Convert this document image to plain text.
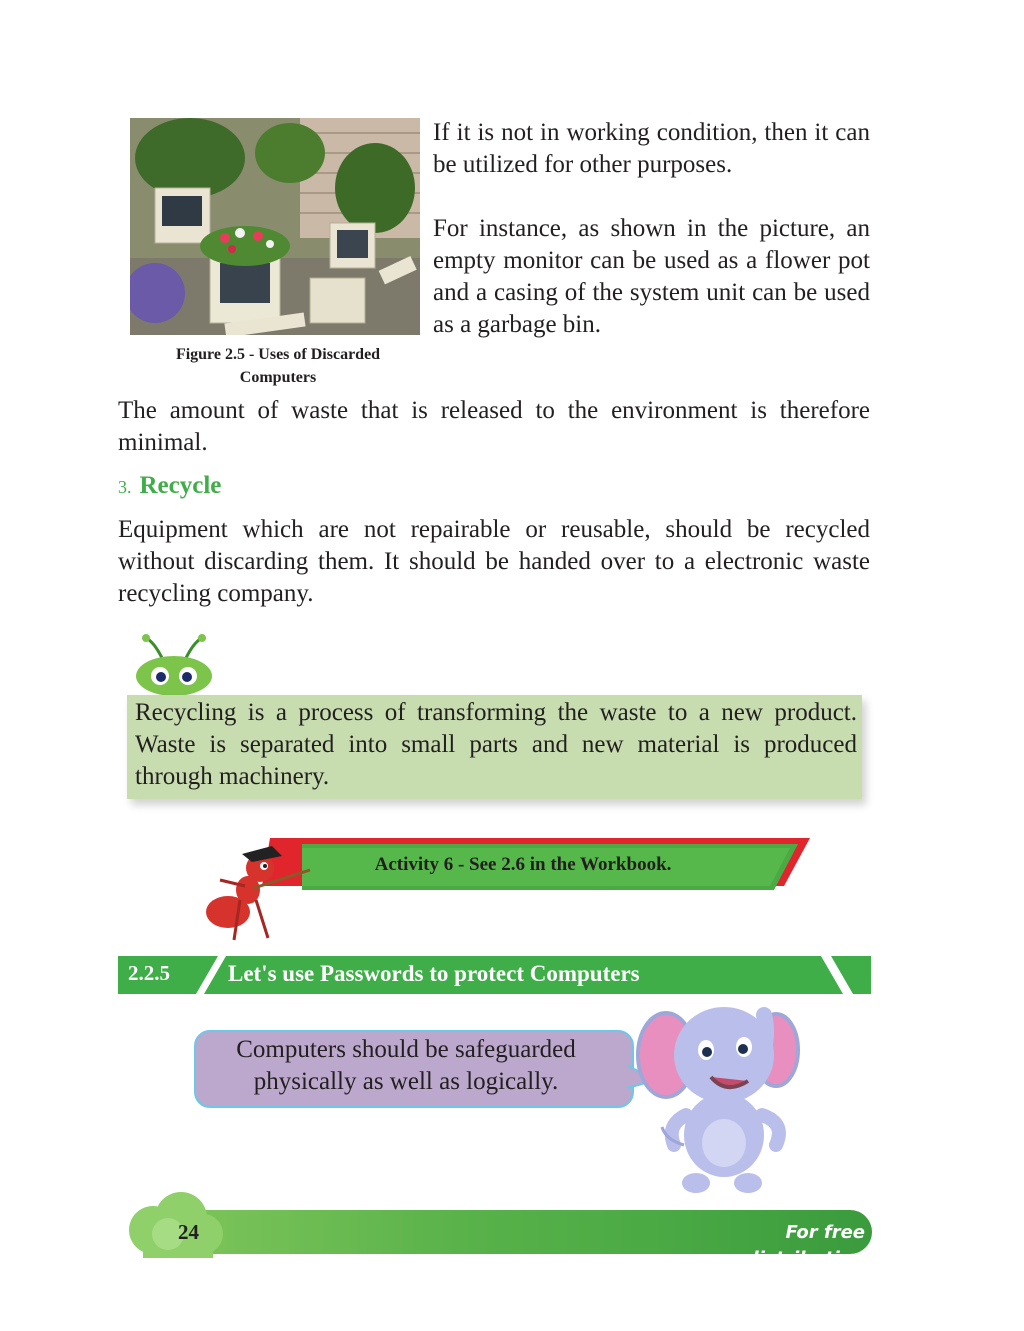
Figure 2.5 - Uses of Discarded
Computers
If it is not in working condition, then it can be utilized for other purposes.
For instance, as shown in the picture, an empty monitor can be used as a flower pot and a casing of the system unit can be used as a garbage bin.
The amount of waste that is released to the environment is therefore minimal.
3. Recycle
Equipment which are not repairable or reusable, should be recycled without discarding them. It should be handed over to a electronic waste recycling company.
Recycling is a process of transforming the waste to a new product. Waste is separated into small parts and new material is produced through machinery.
Activity 6 - See 2.6 in the Workbook.
2.2.5	Let's use Passwords to protect Computers
Computers should be safeguarded
physically as well as logically.
24	For free distribution
